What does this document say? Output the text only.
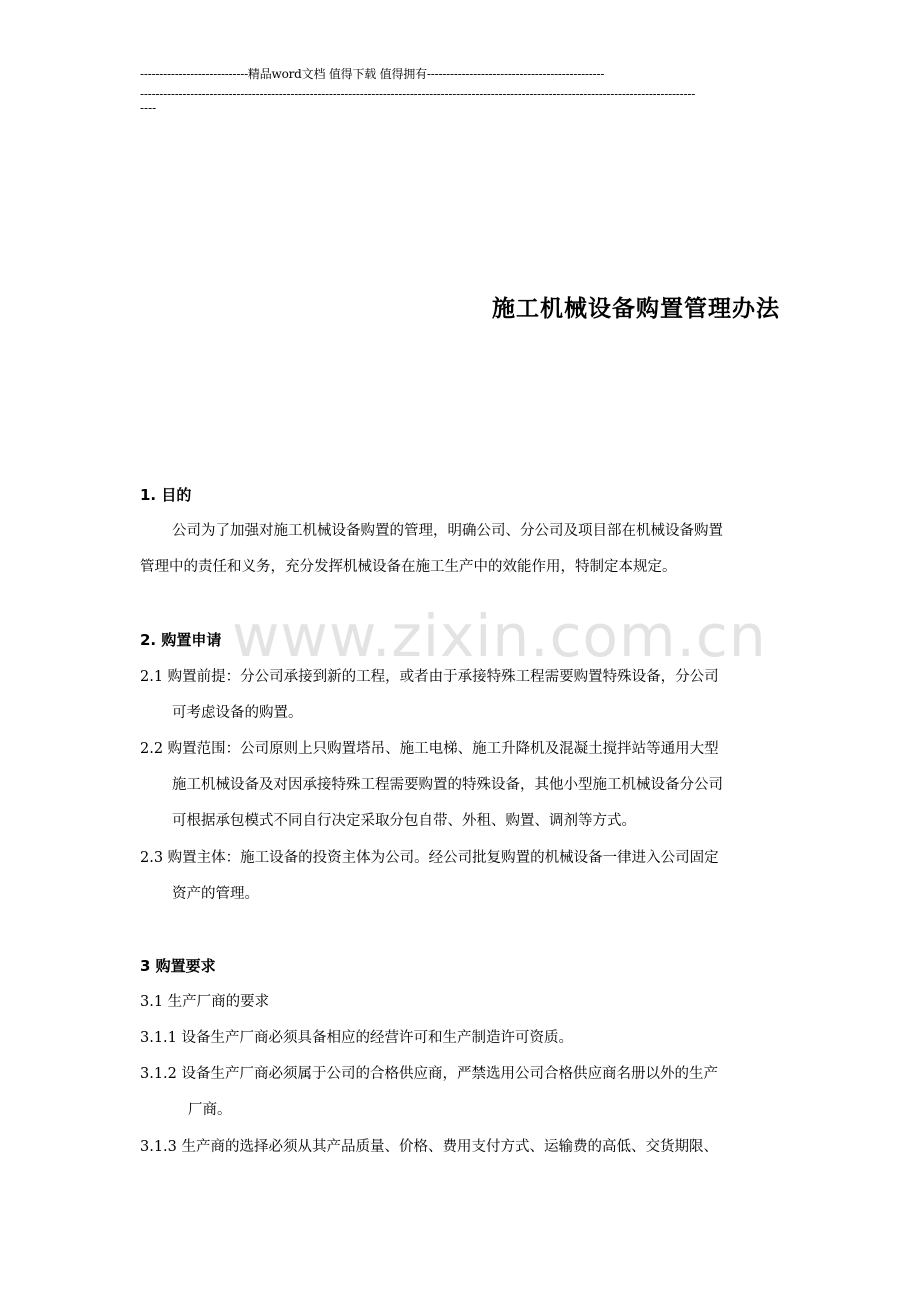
----------------------------精品word文档 值得下载 值得拥有----------------------------------------------
------------------------------------------------------------------------------------------------------------------------------------------------
----
施工机械设备购置管理办法
www.zixin.com.cn
1. 目的
公司为了加强对施工机械设备购置的管理，明确公司、分公司及项目部在机械设备购置
管理中的责任和义务，充分发挥机械设备在施工生产中的效能作用，特制定本规定。
2. 购置申请
2.1 购置前提：分公司承接到新的工程，或者由于承接特殊工程需要购置特殊设备，分公司
可考虑设备的购置。
2.2 购置范围：公司原则上只购置塔吊、施工电梯、施工升降机及混凝土搅拌站等通用大型
施工机械设备及对因承接特殊工程需要购置的特殊设备，其他小型施工机械设备分公司
可根据承包模式不同自行决定采取分包自带、外租、购置、调剂等方式。
2.3 购置主体：施工设备的投资主体为公司。经公司批复购置的机械设备一律进入公司固定
资产的管理。
3 购置要求
3.1 生产厂商的要求
3.1.1 设备生产厂商必须具备相应的经营许可和生产制造许可资质。
3.1.2 设备生产厂商必须属于公司的合格供应商，严禁选用公司合格供应商名册以外的生产
厂商。
3.1.3 生产商的选择必须从其产品质量、价格、费用支付方式、运输费的高低、交货期限、
